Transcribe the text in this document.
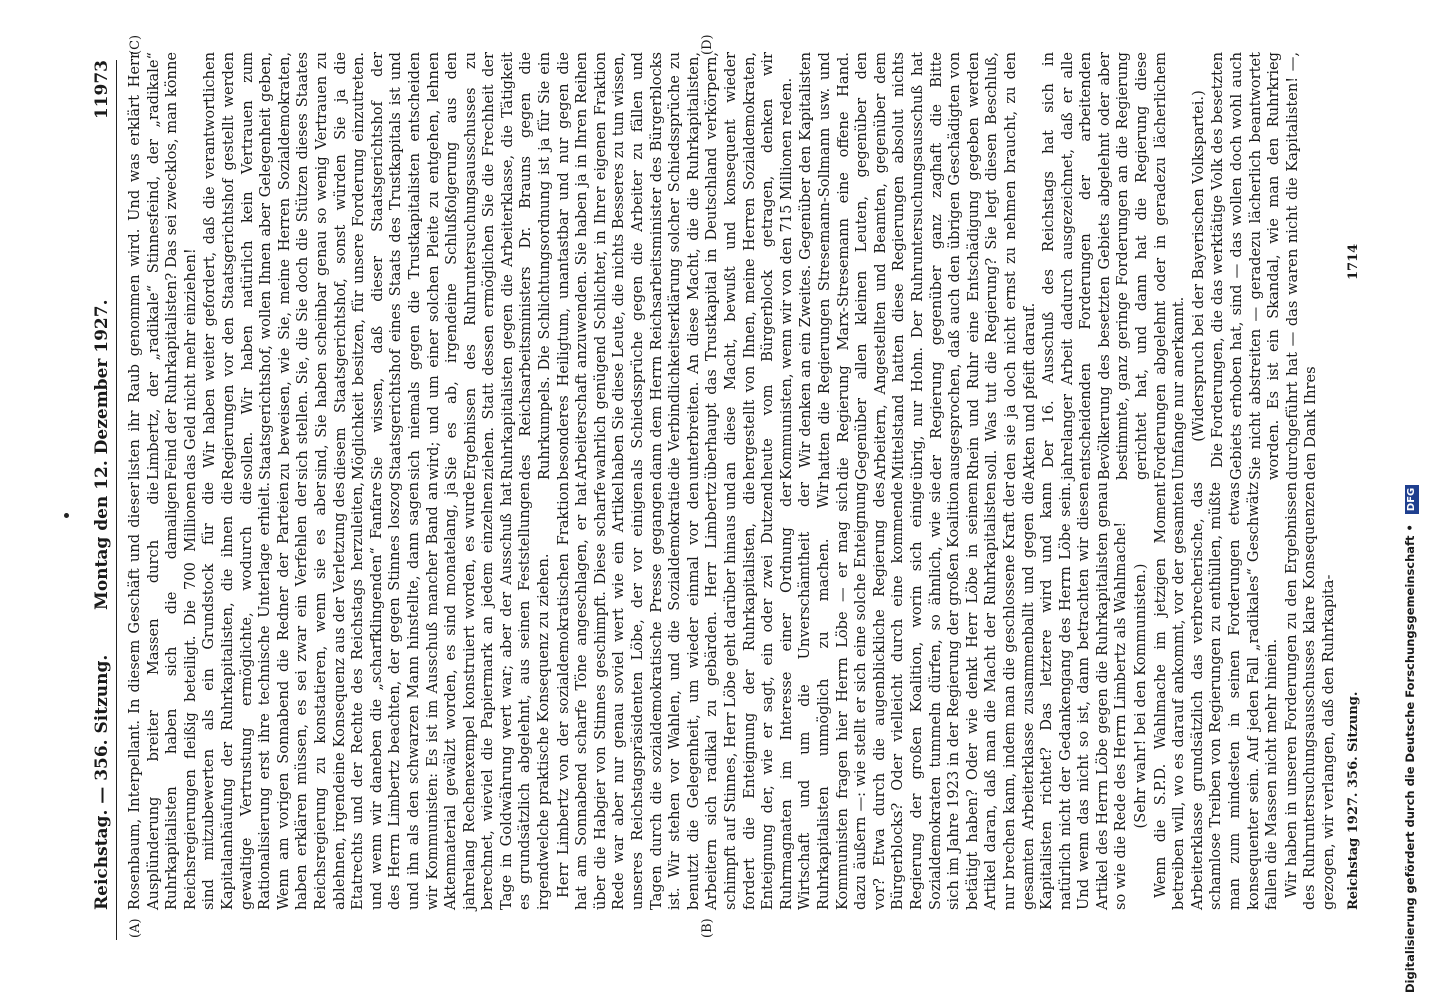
Reichstag. — 356. Sitzung.
Montag den 12. Dezember 1927.
11973
(A)	(B)
(C)	(D)

Rosenbaum, Interpellant. In diesem Geschäft und dieser Ausplünderung breiter Massen durch die Ruhrkapitalisten haben sich die damaligen Reichsregierungen fleißig beteiligt. Die 700 Millionen sind mitzubewerten als ein Grundstock für die Kapitalanhäufung der Ruhrkapitalisten, die ihnen die gewaltige Vertrustung ermöglichte, wodurch die Rationalisierung erst ihre technische Unterlage erhielt. Wenn am vorigen Sonnabend die Redner der Parteien haben erklären müssen, es sei zwar ein Verfehlen der Reichsregierung zu konstatieren, wenn sie es aber ablehnen, irgendeine Konsequenz aus der Verletzung des Etatrechts und der Rechte des Reichstags herzuleiten, und wenn wir daneben die „scharfklingenden“ Fanfare des Herrn Limbertz beachten, der gegen Stinnes loszog und ihn als den schwarzen Mann hinstellte, dann sagen wir Kommunisten: Es ist im Ausschuß mancher Band an Aktenmaterial gewälzt worden, es sind monatelang, ja jahrelang Rechenexempel konstruiert worden, es wurde berechnet, wieviel die Papiermark an jedem einzelnen Tage in Goldwährung wert war; aber der Ausschuß hat es grundsätzlich abgelehnt, aus seinen Feststellungen irgendwelche praktische Konsequenz zu ziehen. Herr Limbertz von der sozialdemokratischen Fraktion hat am Sonnabend scharfe Töne angeschlagen, er hat über die Habgier von Stinnes geschimpft. Diese scharfe Rede war aber nur genau soviel wert wie ein Artikel unseres Reichstagspräsidenten Löbe, der vor einigen Tagen durch die sozialdemokratische Presse gegangen ist. Wir stehen vor Wahlen, und die Sozialdemokratie benutzt die Gelegenheit, um wieder einmal vor den Arbeitern sich radikal zu gebärden. Herr Limbertz schimpft auf Stinnes, Herr Löbe geht darüber hinaus und fordert die Enteignung der Ruhrkapitalisten, die Enteignung der, wie er sagt, ein oder zwei Dutzend Ruhrmagnaten im Interesse einer Ordnung der Wirtschaft und um die Unverschämtheit der Ruhrkapitalisten unmöglich zu machen. Wir Kommunisten fragen hier Herrn Löbe — er mag sich dazu äußern —: wie stellt er sich eine solche Enteignung vor? Etwa durch die augenblickliche Regierung des Bürgerblocks? Oder vielleicht durch eine kommende Regierung der großen Koalition, worin sich einige Sozialdemokraten tummeln dürfen, so ähnlich, wie sie sich im Jahre 1923 in der Regierung der großen Koalition betätigt haben? Oder wie denkt Herr Löbe in seinem Artikel daran, daß man die Macht der Ruhrkapitalisten nur brechen kann, indem man die geschlossene Kraft der gesamten Arbeiterklasse zusammenballt und gegen die Kapitalisten richtet? Das letztere wird und kann natürlich nicht der Gedankengang des Herrn Löbe sein. Und wenn das nicht so ist, dann betrachten wir diesen Artikel des Herrn Löbe gegen die Ruhrkapitalisten genau so wie die Rede des Herrn Limbertz als Wahlmache! (Sehr wahr! bei den Kommunisten.) Wenn die S.P.D. Wahlmache im jetzigen Moment betreiben will, wo es darauf ankommt, vor der gesamten Arbeiterklasse grundsätzlich das verbrecherische, das schamlose Treiben von Regierungen zu enthüllen, müßte man zum mindesten in seinen Forderungen etwas konsequenter sein. Auf jeden Fall „radikales“ Geschwätz fallen die Massen nicht mehr hinein. Wir haben in unseren Forderungen zu den Ergebnissen des Ruhruntersuchungsausschusses klare Konsequenzen gezogen, wir verlangen, daß den Ruhrkapita-

listen ihr Raub genommen wird. Und was erklärt Herr Limbertz, der „radikale“ Stinnesfeind, der „radikale“ Feind der Ruhrkapitalisten? Das sei zwecklos, man könne das Geld nicht mehr einziehen! Wir haben weiter gefordert, daß die verantwortlichen Regierungen vor den Staatsgerichtshof gestellt werden sollen. Wir haben natürlich kein Vertrauen zum Staatsgerichtshof, wollen Ihnen aber Gelegenheit geben, zu beweisen, wie Sie, meine Herren Sozialdemokraten, sich stellen. Sie, die Sie doch die Stützen dieses Staates sind, Sie haben scheinbar genau so wenig Vertrauen zu diesem Staatsgerichtshof, sonst würden Sie ja die Möglichkeit besitzen, für unsere Forderung einzutreten. Sie wissen, daß dieser Staatsgerichtshof der Staatsgerichtshof eines Staats des Trustkapitals ist und sich niemals gegen die Trustkapitalisten entscheiden wird; und um einer solchen Pleite zu entgehen, lehnen Sie es ab, irgendeine Schlußfolgerung aus den Ergebnissen des Ruhruntersuchungsausschusses zu ziehen. Statt dessen ermöglichen Sie die Frechheit der Ruhrkapitalisten gegen die Arbeiterklasse, die Tätigkeit des Reichsarbeitsministers Dr. Brauns gegen die Ruhrkumpels. Die Schlichtungsordnung ist ja für Sie ein besonderes Heiligtum, unantastbar und nur gegen die Arbeiterschaft anzuwenden. Sie haben ja in Ihren Reihen wahrlich genügend Schlichter, in Ihrer eigenen Fraktion haben Sie diese Leute, die nichts Besseres zu tun wissen, als Schiedssprüche gegen die Arbeiter zu fällen und dann dem Herrn Reichsarbeitsminister des Bürgerblocks die Verbindlichkeitserklärung solcher Schiedssprüche zu unterbreiten. An diese Macht, die die Ruhrkapitalisten, überhaupt das Trustkapital in Deutschland verkörpern, an diese Macht, bewußt und konsequent wieder hergestellt von Ihnen, meine Herren Sozialdemokraten, heute vom Bürgerblock getragen, denken wir Kommunisten, wenn wir von den 715 Millionen reden. Wir denken an ein Zweites. Gegenüber den Kapitalisten hatten die Regierungen Stresemann-Sollmann usw. und die Regierung Marx-Stresemann eine offene Hand. Gegenüber allen kleinen Leuten, gegenüber den Arbeitern, Angestellten und Beamten, gegenüber dem Mittelstand hatten diese Regierungen absolut nichts übrig, nur Hohn. Der Ruhruntersuchungsausschuß hat der Regierung gegenüber ganz zaghaft die Bitte ausgesprochen, daß auch den übrigen Geschädigten von Rhein und Ruhr eine Entschädigung gegeben werden soll. Was tut die Regierung? Sie legt diesen Beschluß, den sie ja doch nicht ernst zu nehmen braucht, zu den Akten und pfeift darauf. Der 16. Ausschuß des Reichstags hat sich in jahrelanger Arbeit dadurch ausgezeichnet, daß er alle entscheidenden Forderungen der arbeitenden Bevölkerung des besetzten Gebiets abgelehnt oder aber bestimmte, ganz geringe Forderungen an die Regierung gerichtet hat, und dann hat die Regierung diese Forderungen abgelehnt oder in geradezu lächerlichem Umfange nur anerkannt. (Widerspruch bei der Bayerischen Volkspartei.) Die Forderungen, die das werktätige Volk des besetzten Gebiets erhoben hat, sind — das wollen doch wohl auch Sie nicht abstreiten — geradezu lächerlich beantwortet worden. Es ist ein Skandal, wie man den Ruhrkrieg durchgeführt hat — das waren nicht die Kapitalisten! —, den Dank Ihres

Reichstag 1927. 356. Sitzung.
1714
Digitalisierung gefördert durch die Deutsche Forschungsgemeinschaft • DFG
